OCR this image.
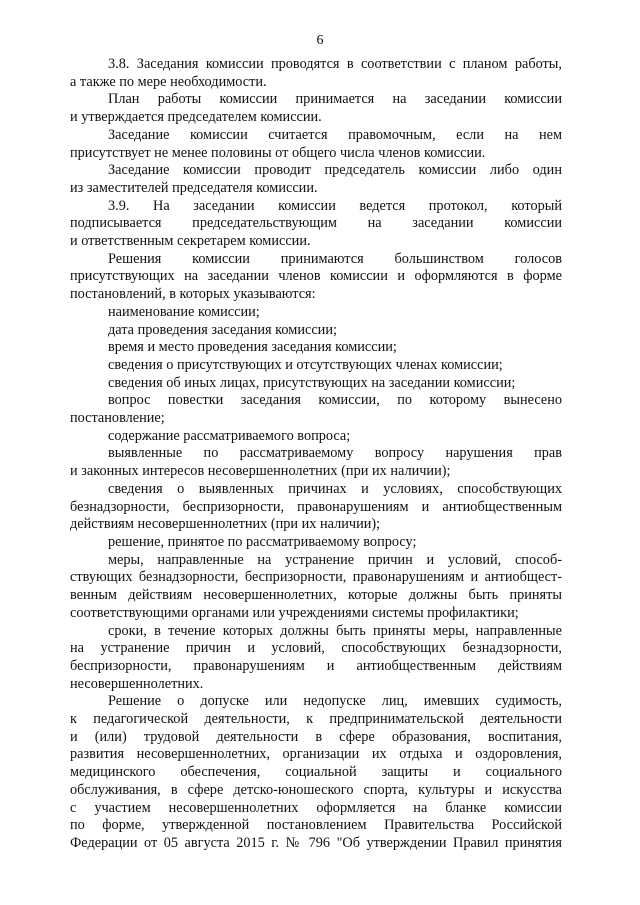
6
3.8. Заседания комиссии проводятся в соответствии с планом работы,
а также по мере необходимости.
План работы комиссии принимается на заседании комиссии
и утверждается председателем комиссии.
Заседание комиссии считается правомочным, если на нем
присутствует не менее половины от общего числа членов комиссии.
Заседание комиссии проводит председатель комиссии либо один
из заместителей председателя комиссии.
3.9. На заседании комиссии ведется протокол, который
подписывается председательствующим на заседании комиссии
и ответственным секретарем комиссии.
Решения комиссии принимаются большинством голосов
присутствующих на заседании членов комиссии и оформляются в форме
постановлений, в которых указываются:
наименование комиссии;
дата проведения заседания комиссии;
время и место проведения заседания комиссии;
сведения о присутствующих и отсутствующих членах комиссии;
сведения об иных лицах, присутствующих на заседании комиссии;
вопрос повестки заседания комиссии, по которому вынесено
постановление;
содержание рассматриваемого вопроса;
выявленные по рассматриваемому вопросу нарушения прав
и законных интересов несовершеннолетних (при их наличии);
сведения о выявленных причинах и условиях, способствующих
безнадзорности, беспризорности, правонарушениям и антиобщественным
действиям несовершеннолетних (при их наличии);
решение, принятое по рассматриваемому вопросу;
меры, направленные на устранение причин и условий, способ-
ствующих безнадзорности, беспризорности, правонарушениям и антиобщест-
венным действиям несовершеннолетних, которые должны быть приняты
соответствующими органами или учреждениями системы профилактики;
сроки, в течение которых должны быть приняты меры, направленные
на устранение причин и условий, способствующих безнадзорности,
беспризорности, правонарушениям и антиобщественным действиям
несовершеннолетних.
Решение о допуске или недопуске лиц, имевших судимость,
к педагогической деятельности, к предпринимательской деятельности
и (или) трудовой деятельности в сфере образования, воспитания,
развития несовершеннолетних, организации их отдыха и оздоровления,
медицинского обеспечения, социальной защиты и социального
обслуживания, в сфере детско-юношеского спорта, культуры и искусства
с участием несовершеннолетних оформляется на бланке комиссии
по форме, утвержденной постановлением Правительства Российской
Федерации от 05 августа 2015 г. № 796 "Об утверждении Правил принятия
